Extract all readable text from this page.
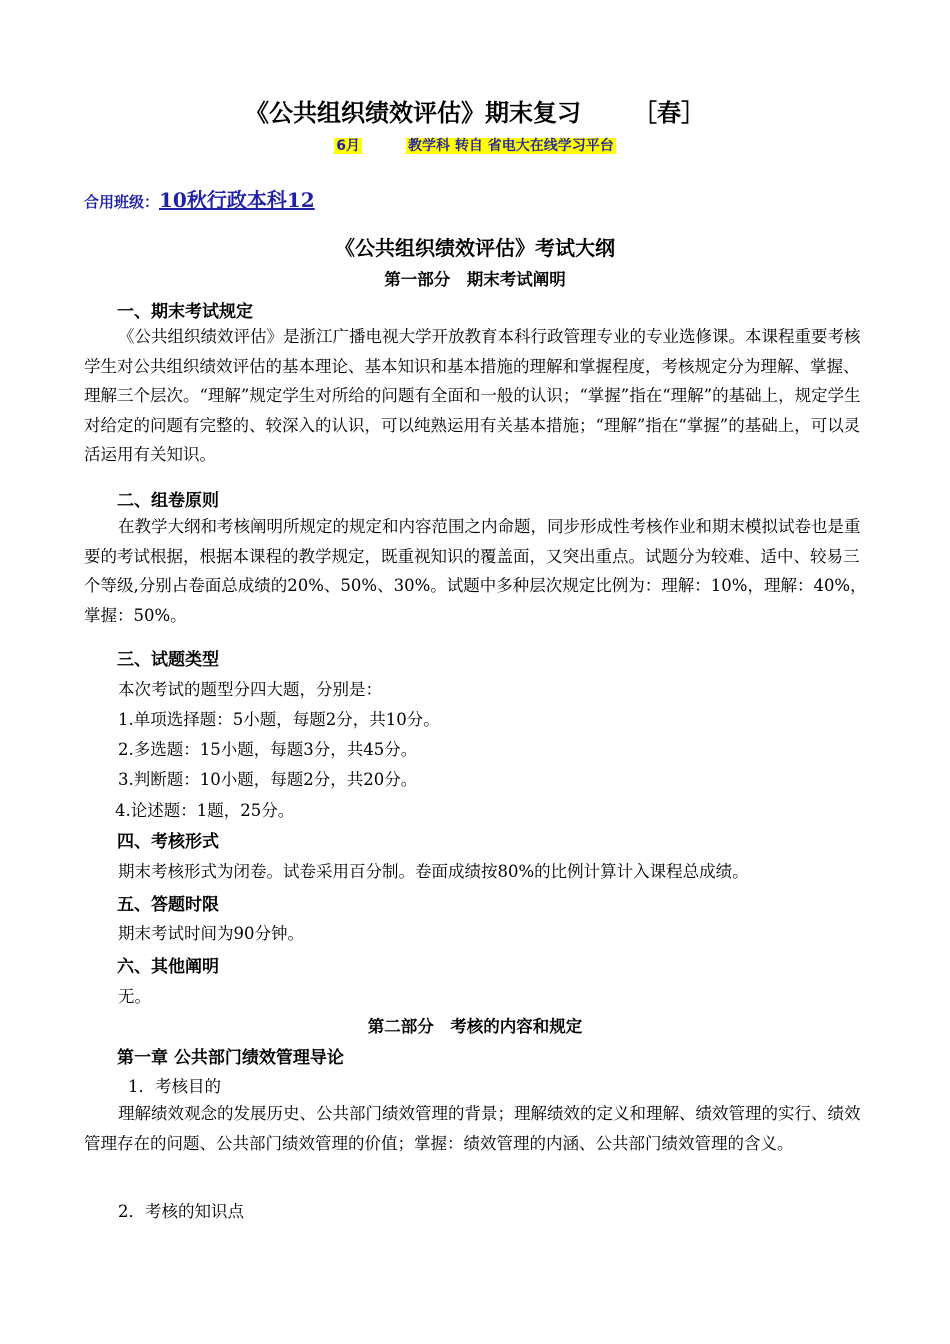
《公共组织绩效评估》期末复习 ［春］
6月	教学科 转自 省电大在线学习平台
合用班级：10秋行政本科12
《公共组织绩效评估》考试大纲
第一部分　期末考试阐明
一、期末考试规定
《公共组织绩效评估》是浙江广播电视大学开放教育本科行政管理专业的专业选修课。本课程重要考核学生对公共组织绩效评估的基本理论、基本知识和基本措施的理解和掌握程度，考核规定分为理解、掌握、理解三个层次。“理解”规定学生对所给的问题有全面和一般的认识；“掌握”指在“理解”的基础上，规定学生对给定的问题有完整的、较深入的认识，可以纯熟运用有关基本措施；“理解”指在“掌握”的基础上，可以灵活运用有关知识。
二、组卷原则
在教学大纲和考核阐明所规定的规定和内容范围之内命题，同步形成性考核作业和期末模拟试卷也是重要的考试根据，根据本课程的教学规定，既重视知识的覆盖面，又突出重点。试题分为较难、适中、较易三个等级,分别占卷面总成绩的20%、50%、30%。试题中多种层次规定比例为：理解：10%，理解：40%，掌握：50%。
三、试题类型
本次考试的题型分四大题，分别是：
1.单项选择题：5小题，每题2分，共10分。
2.多选题：15小题，每题3分，共45分。
3.判断题：10小题，每题2分，共20分。
4.论述题：1题，25分。
四、考核形式
期末考核形式为闭卷。试卷采用百分制。卷面成绩按80%的比例计算计入课程总成绩。
五、答题时限
期末考试时间为90分钟。
六、其他阐明
无。
第二部分　考核的内容和规定
第一章 公共部门绩效管理导论
1．考核目的
理解绩效观念的发展历史、公共部门绩效管理的背景；理解绩效的定义和理解、绩效管理的实行、绩效管理存在的问题、公共部门绩效管理的价值；掌握：绩效管理的内涵、公共部门绩效管理的含义。
2．考核的知识点
